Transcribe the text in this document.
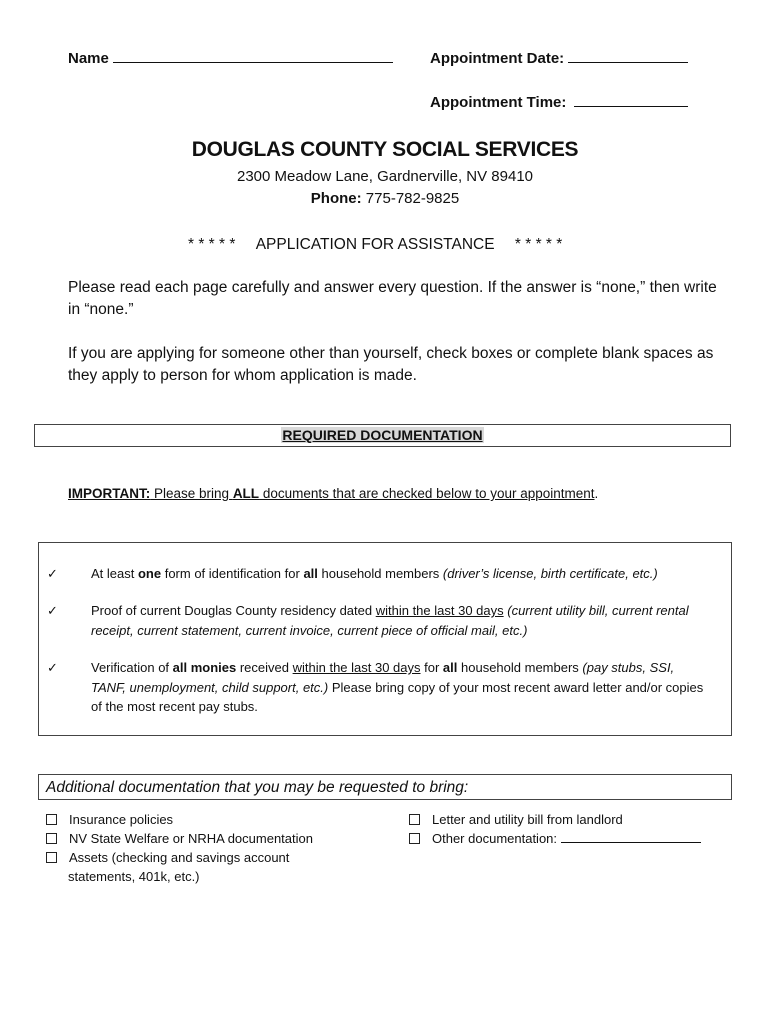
Name	Appointment Date:
Appointment Time:
DOUGLAS COUNTY SOCIAL SERVICES
2300 Meadow Lane, Gardnerville, NV 89410
Phone: 775-782-9825
* * * * * APPLICATION FOR ASSISTANCE * * * * *
Please read each page carefully and answer every question. If the answer is “none,” then write in “none.”
If you are applying for someone other than yourself, check boxes or complete blank spaces as they apply to person for whom application is made.
REQUIRED DOCUMENTATION
IMPORTANT: Please bring ALL documents that are checked below to your appointment.
✓	At least one form of identification for all household members (driver’s license, birth certificate, etc.)
✓	Proof of current Douglas County residency dated within the last 30 days (current utility bill, current rental receipt, current statement, current invoice, current piece of official mail, etc.)
✓	Verification of all monies received within the last 30 days for all household members (pay stubs, SSI, TANF, unemployment, child support, etc.) Please bring copy of your most recent award letter and/or copies of the most recent pay stubs.
Additional documentation that you may be requested to bring:
Insurance policies
NV State Welfare or NRHA documentation
Assets (checking and savings account
statements, 401k, etc.)
Letter and utility bill from landlord
Other documentation:
